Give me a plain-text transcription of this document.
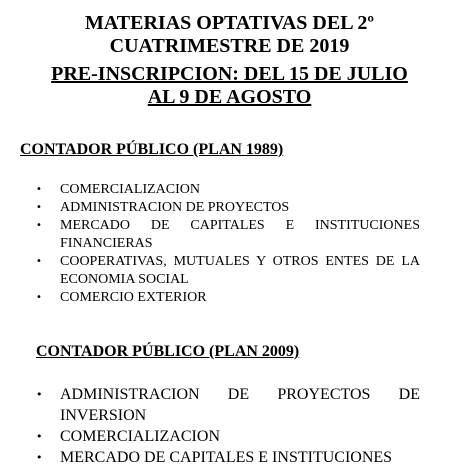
MATERIAS OPTATIVAS DEL 2º
CUATRIMESTRE DE 2019
PRE-INSCRIPCION: DEL 15 DE JULIO
AL 9 DE AGOSTO
CONTADOR PÚBLICO (PLAN 1989)
• COMERCIALIZACION
• ADMINISTRACION DE PROYECTOS
• MERCADO DE CAPITALES E INSTITUCIONES FINANCIERAS
• COOPERATIVAS, MUTUALES Y OTROS ENTES DE LA ECONOMIA SOCIAL
• COMERCIO EXTERIOR
CONTADOR PÚBLICO (PLAN 2009)
• ADMINISTRACION DE PROYECTOS DE INVERSION
• COMERCIALIZACION
• MERCADO DE CAPITALES E INSTITUCIONES
